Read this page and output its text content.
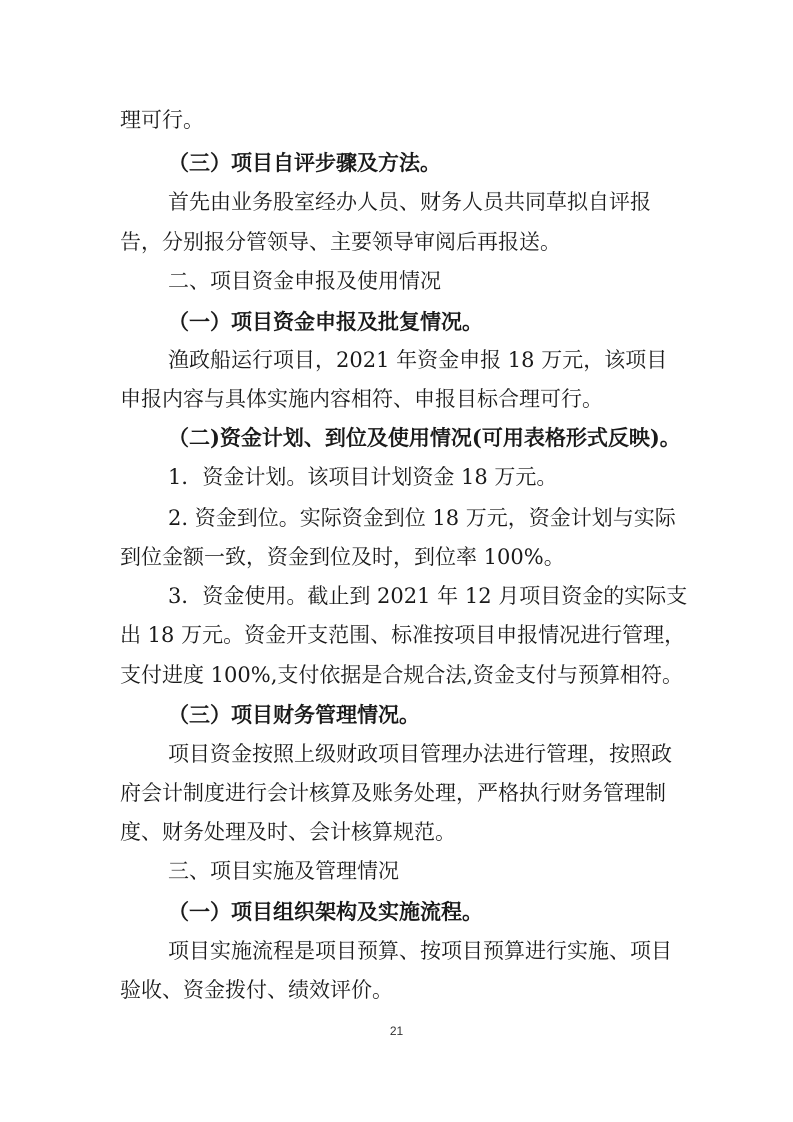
理可行。
（三）项目自评步骤及方法。
首先由业务股室经办人员、财务人员共同草拟自评报
告，分别报分管领导、主要领导审阅后再报送。
二、项目资金申报及使用情况
（一）项目资金申报及批复情况。
渔政船运行项目，2021 年资金申报 18 万元，该项目
申报内容与具体实施内容相符、申报目标合理可行。
（二)资金计划、到位及使用情况(可用表格形式反映)。
1．资金计划。该项目计划资金 18 万元。
2. 资金到位。实际资金到位 18 万元，资金计划与实际
到位金额一致，资金到位及时，到位率 100%。
3．资金使用。截止到 2021 年 12 月项目资金的实际支
出 18 万元。资金开支范围、标准按项目申报情况进行管理，
支付进度 100%,支付依据是合规合法,资金支付与预算相符。
（三）项目财务管理情况。
项目资金按照上级财政项目管理办法进行管理，按照政
府会计制度进行会计核算及账务处理，严格执行财务管理制
度、财务处理及时、会计核算规范。
三、项目实施及管理情况
（一）项目组织架构及实施流程。
项目实施流程是项目预算、按项目预算进行实施、项目
验收、资金拨付、绩效评价。
21
